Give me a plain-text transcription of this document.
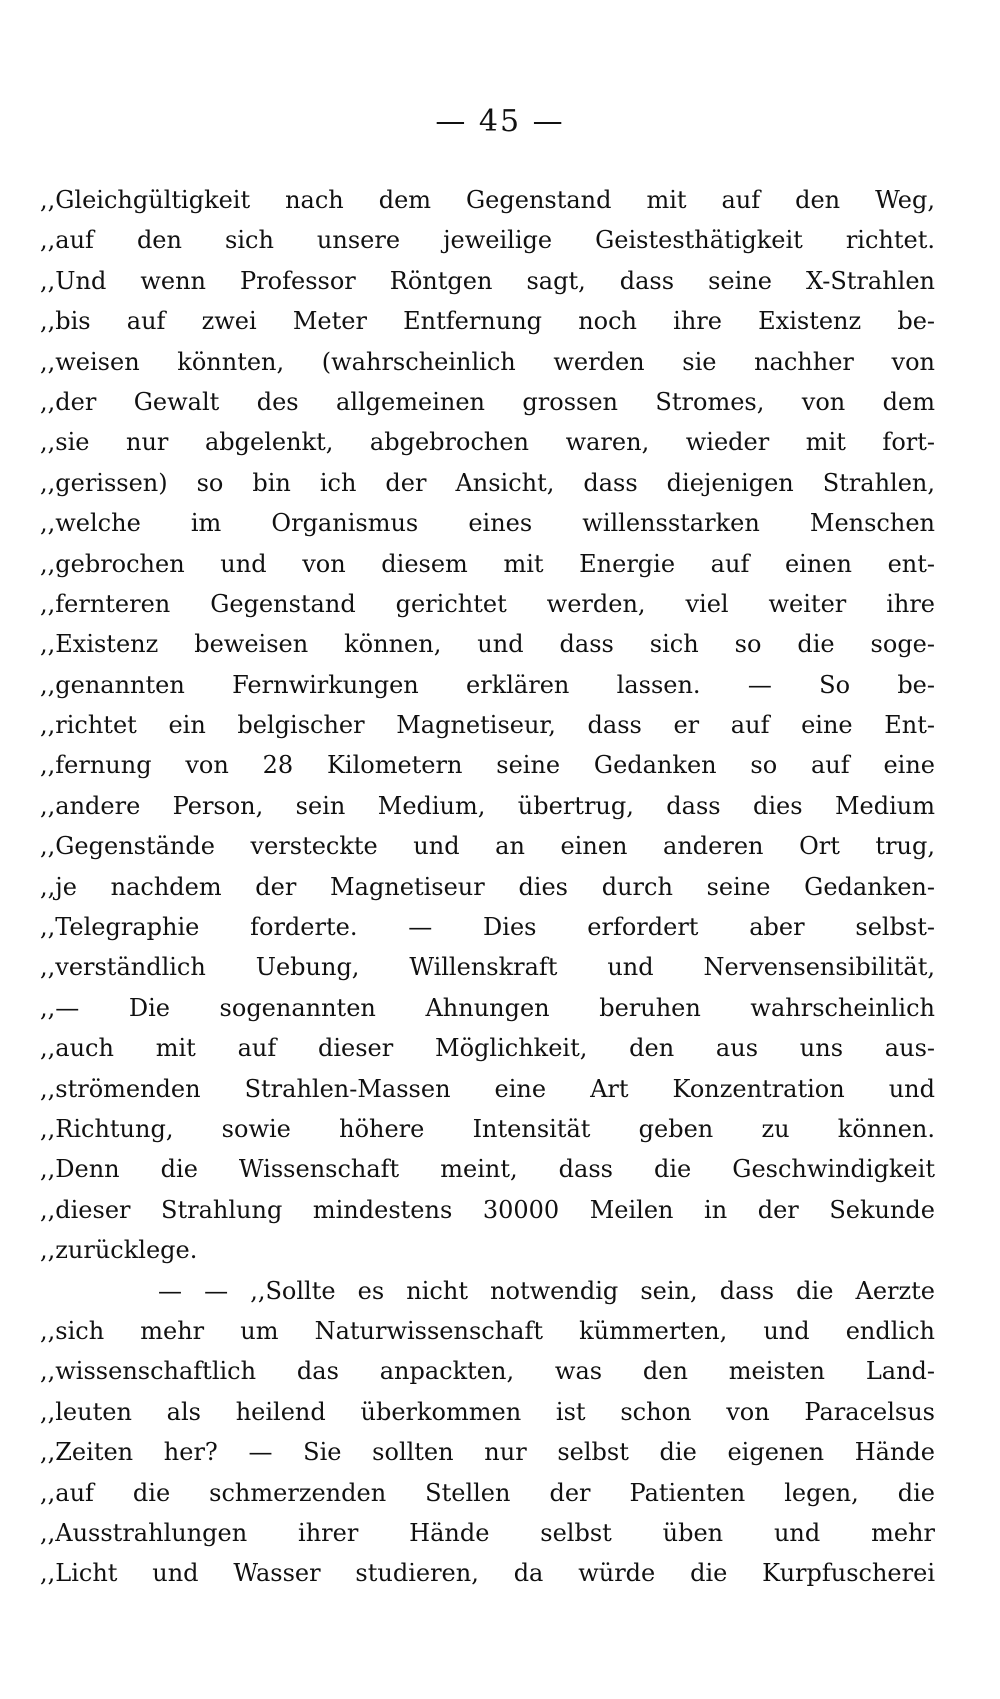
— 45 —
,,Gleichgültigkeit nach dem Gegenstand mit auf den Weg,
,,auf den sich unsere jeweilige Geistesthätigkeit richtet.
,,Und wenn Professor Röntgen sagt, dass seine X-Strahlen
,,bis auf zwei Meter Entfernung noch ihre Existenz be-
,,weisen könnten, (wahrscheinlich werden sie nachher von
,,der Gewalt des allgemeinen grossen Stromes, von dem
,,sie nur abgelenkt, abgebrochen waren, wieder mit fort-
,,gerissen) so bin ich der Ansicht, dass diejenigen Strahlen,
,,welche im Organismus eines willensstarken Menschen
,,gebrochen und von diesem mit Energie auf einen ent-
,,fernteren Gegenstand gerichtet werden, viel weiter ihre
,,Existenz beweisen können, und dass sich so die soge-
,,genannten Fernwirkungen erklären lassen. — So be-
,,richtet ein belgischer Magnetiseur, dass er auf eine Ent-
,,fernung von 28 Kilometern seine Gedanken so auf eine
,,andere Person, sein Medium, übertrug, dass dies Medium
,,Gegenstände versteckte und an einen anderen Ort trug,
,,je nachdem der Magnetiseur dies durch seine Gedanken-
,,Telegraphie forderte. — Dies erfordert aber selbst-
,,verständlich Uebung, Willenskraft und Nervensensibilität,
,,— Die sogenannten Ahnungen beruhen wahrscheinlich
,,auch mit auf dieser Möglichkeit, den aus uns aus-
,,strömenden Strahlen-Massen eine Art Konzentration und
,,Richtung, sowie höhere Intensität geben zu können.
,,Denn die Wissenschaft meint, dass die Geschwindigkeit
,,dieser Strahlung mindestens 30000 Meilen in der Sekunde
,,zurücklege.
— — ,,Sollte es nicht notwendig sein, dass die Aerzte
,,sich mehr um Naturwissenschaft kümmerten, und endlich
,,wissenschaftlich das anpackten, was den meisten Land-
,,leuten als heilend überkommen ist schon von Paracelsus
,,Zeiten her? — Sie sollten nur selbst die eigenen Hände
,,auf die schmerzenden Stellen der Patienten legen, die
,,Ausstrahlungen ihrer Hände selbst üben und mehr
,,Licht und Wasser studieren, da würde die Kurpfuscherei
